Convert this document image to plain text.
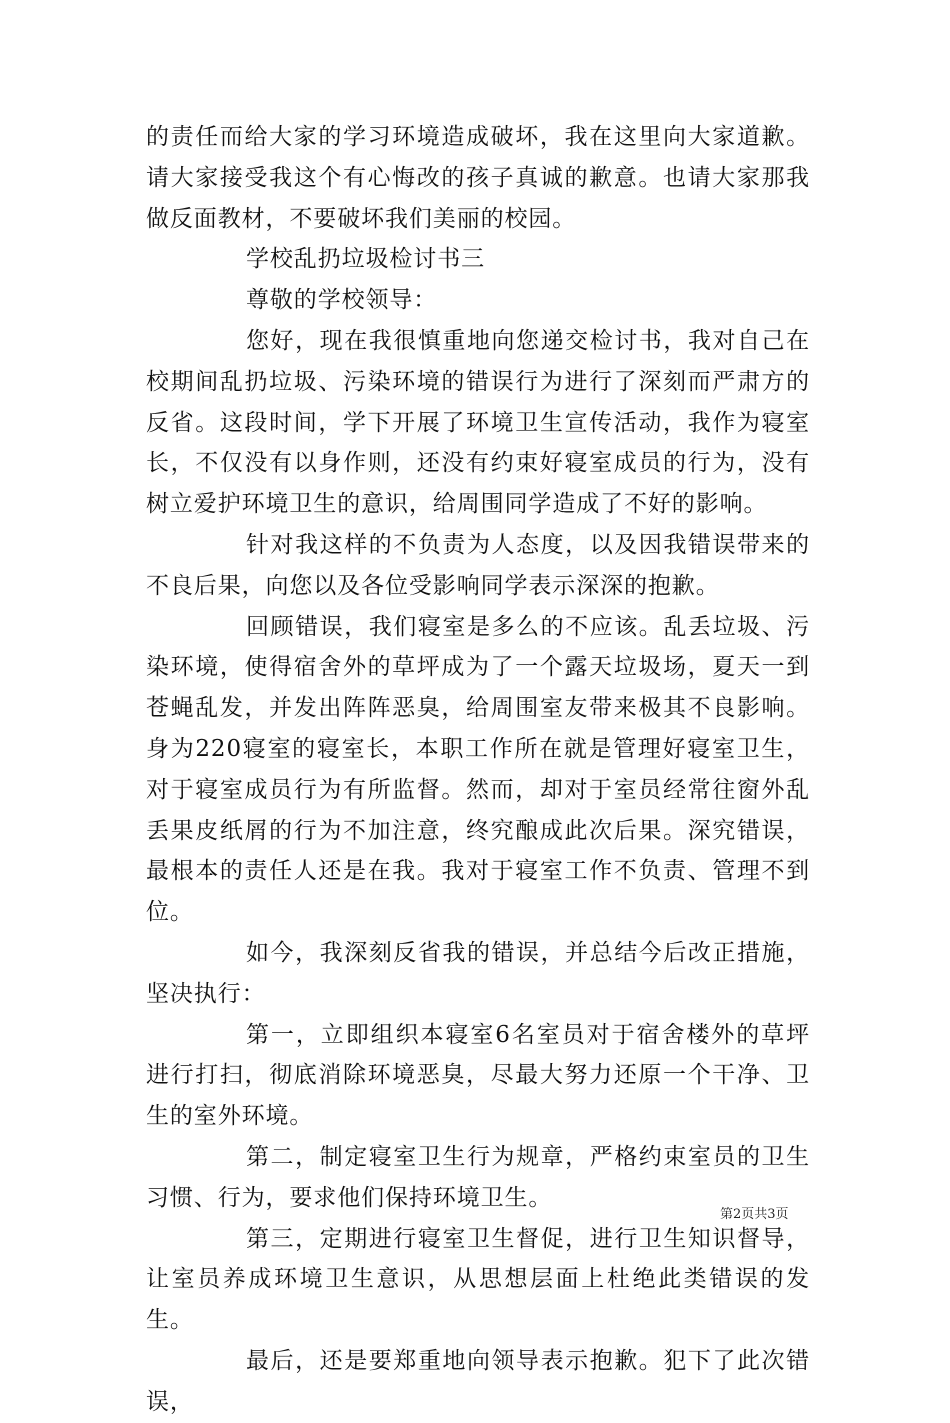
的责任而给大家的学习环境造成破坏，我在这里向大家道歉。请大家接受我这个有心悔改的孩子真诚的歉意。也请大家那我做反面教材，不要破坏我们美丽的校园。

学校乱扔垃圾检讨书三

尊敬的学校领导：

您好，现在我很慎重地向您递交检讨书，我对自己在校期间乱扔垃圾、污染环境的错误行为进行了深刻而严肃方的反省。这段时间，学下开展了环境卫生宣传活动，我作为寝室长，不仅没有以身作则，还没有约束好寝室成员的行为，没有树立爱护环境卫生的意识，给周围同学造成了不好的影响。

针对我这样的不负责为人态度，以及因我错误带来的不良后果，向您以及各位受影响同学表示深深的抱歉。

回顾错误，我们寝室是多么的不应该。乱丢垃圾、污染环境，使得宿舍外的草坪成为了一个露天垃圾场，夏天一到苍蝇乱发，并发出阵阵恶臭，给周围室友带来极其不良影响。身为220寝室的寝室长，本职工作所在就是管理好寝室卫生，对于寝室成员行为有所监督。然而，却对于室员经常往窗外乱丢果皮纸屑的行为不加注意，终究酿成此次后果。深究错误，最根本的责任人还是在我。我对于寝室工作不负责、管理不到位。

如今，我深刻反省我的错误，并总结今后改正措施，坚决执行：

第一，立即组织本寝室6名室员对于宿舍楼外的草坪进行打扫，彻底消除环境恶臭，尽最大努力还原一个干净、卫生的室外环境。

第二，制定寝室卫生行为规章，严格约束室员的卫生习惯、行为，要求他们保持环境卫生。

第三，定期进行寝室卫生督促，进行卫生知识督导，让室员养成环境卫生意识，从思想层面上杜绝此类错误的发生。

最后，还是要郑重地向领导表示抱歉。犯下了此次错误，

第2页共3页
